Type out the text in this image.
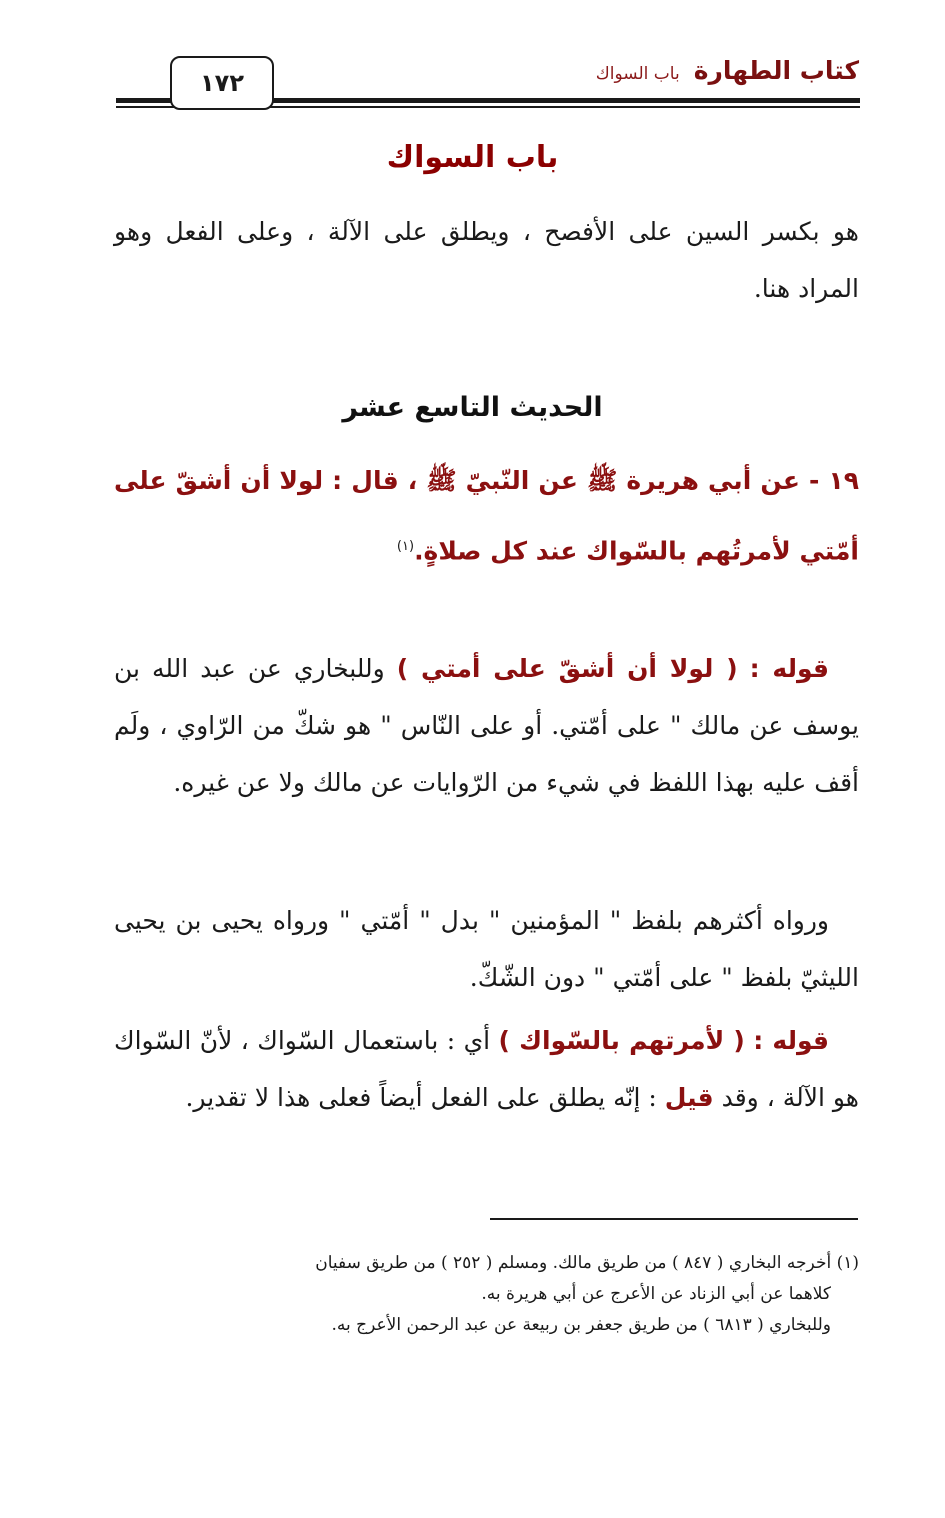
كتاب الطهارة
باب السواك
١٧٢
باب السواك
هو بكسر السين على الأفصح ، ويطلق على الآلة ، وعلى الفعل وهو المراد هنا.
الحديث التاسع عشر
١٩ - عن أبي هريرة ﷺ عن النّبيّ ﷺ ، قال : لولا أن أشقّ على أمّتي لأمرتُهم بالسّواك عند كل صلاةٍ.$^{(١)}$
قوله : ( لولا أن أشقّ على أمتي ) وللبخاري عن عبد الله بن يوسف عن مالك " على أمّتي. أو على النّاس " هو شكّ من الرّاوي ، ولَم أقف عليه بهذا اللفظ في شيء من الرّوايات عن مالك ولا عن غيره.
ورواه أكثرهم بلفظ " المؤمنين " بدل " أمّتي " ورواه يحيى بن يحيى الليثيّ بلفظ " على أمّتي " دون الشّكّ.
قوله : ( لأمرتهم بالسّواك ) أي : باستعمال السّواك ، لأنّ السّواك هو الآلة ، وقد قيل : إنّه يطلق على الفعل أيضاً فعلى هذا لا تقدير.
(١) أخرجه البخاري ( ٨٤٧ ) من طريق مالك. ومسلم ( ٢٥٢ ) من طريق سفيان
كلاهما عن أبي الزناد عن الأعرج عن أبي هريرة به.
وللبخاري ( ٦٨١٣ ) من طريق جعفر بن ربيعة عن عبد الرحمن الأعرج به.
